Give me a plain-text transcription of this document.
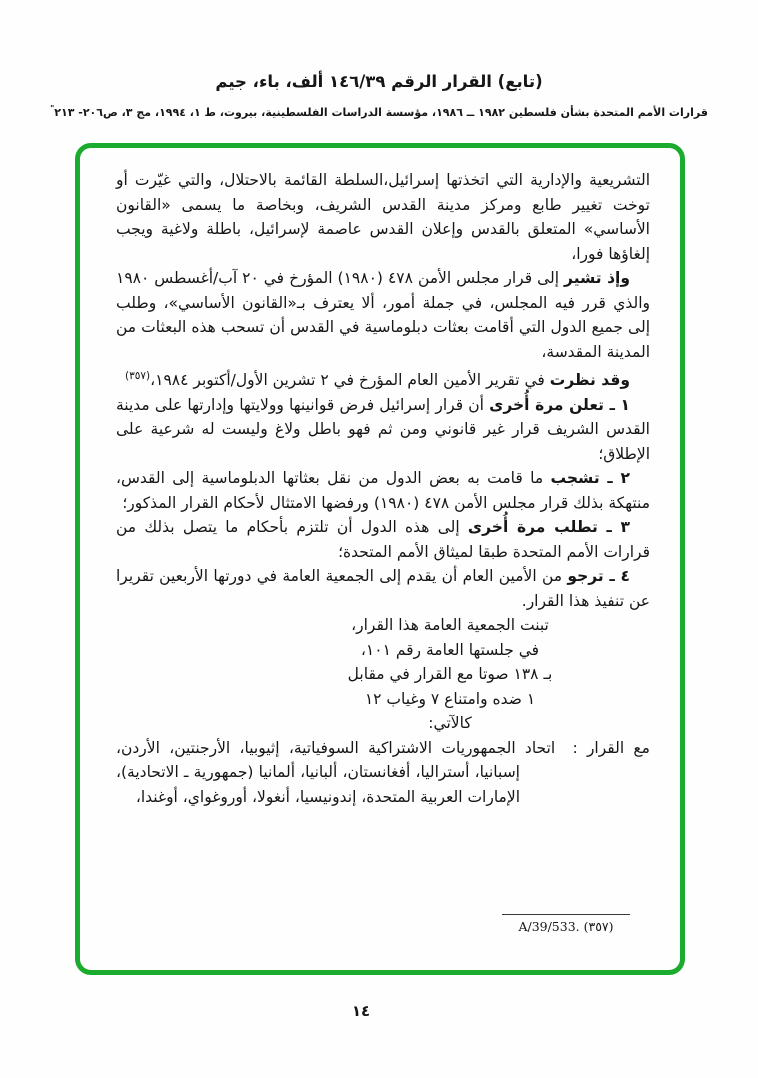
(تابع) القرار الرقم ١٤٦/٣٩ ألف، باء، جيم
قرارات الأمم المتحدة بشأن فلسطين ١٩٨٢ ــ ١٩٨٦، مؤسسة الدراسات الفلسطينية، بيروت، ط ١، ١٩٩٤، مج ٣، ص٢٠٦- ٢١٣"

التشريعية والإدارية التي اتخذتها إسرائيل،السلطة القائمة بالاحتلال، والتي غيّرت أو توخت تغيير طابع ومركز مدينة القدس الشريف، وبخاصة ما يسمى «القانون الأساسي» المتعلق بالقدس وإعلان القدس عاصمة لإسرائيل، باطلة ولاغية ويجب إلغاؤها فورا،

وإذ تشير إلى قرار مجلس الأمن ٤٧٨ (١٩٨٠) المؤرخ في ٢٠ آب/أغسطس ١٩٨٠ والذي قرر فيه المجلس، في جملة أمور، ألا يعترف بـ«القانون الأساسي»، وطلب إلى جميع الدول التي أقامت بعثات دبلوماسية في القدس أن تسحب هذه البعثات من المدينة المقدسة،

وقد نظرت في تقرير الأمين العام المؤرخ في ٢ تشرين الأول/أكتوبر ١٩٨٤،$^{(٣٥٧)}$

١ ـ تعلن مرة أُخرى أن قرار إسرائيل فرض قوانينها وولايتها وإدارتها على مدينة القدس الشريف قرار غير قانوني ومن ثم فهو باطل ولاغ وليست له شرعية على الإطلاق؛

٢ ـ تشجب ما قامت به بعض الدول من نقل بعثاتها الدبلوماسية إلى القدس، منتهكة بذلك قرار مجلس الأمن ٤٧٨ (١٩٨٠) ورفضها الامتثال لأحكام القرار المذكور؛

٣ ـ تطلب مرة أُخرى إلى هذه الدول أن تلتزم بأحكام ما يتصل بذلك من قرارات الأمم المتحدة طبقا لميثاق الأمم المتحدة؛

٤ ـ ترجو من الأمين العام أن يقدم إلى الجمعية العامة في دورتها الأربعين تقريرا عن تنفيذ هذا القرار.

تبنت الجمعية العامة هذا القرار،
في جلستها العامة رقم ١٠١،
بـ ١٣٨ صوتا مع القرار في مقابل
١ ضده وامتناع ٧ وغياب ١٢
كالآتي:

مع القرار : اتحاد الجمهوريات الاشتراكية السوفياتية، إثيوبيا، الأرجنتين، الأردن، إسبانيا، أستراليا، أفغانستان، ألبانيا، ألمانيا (جمهورية ـ الاتحادية)، الإمارات العربية المتحدة، إندونيسيا، أنغولا، أوروغواي، أوغندا،

A/39/533. (٣٥٧)
١٤
